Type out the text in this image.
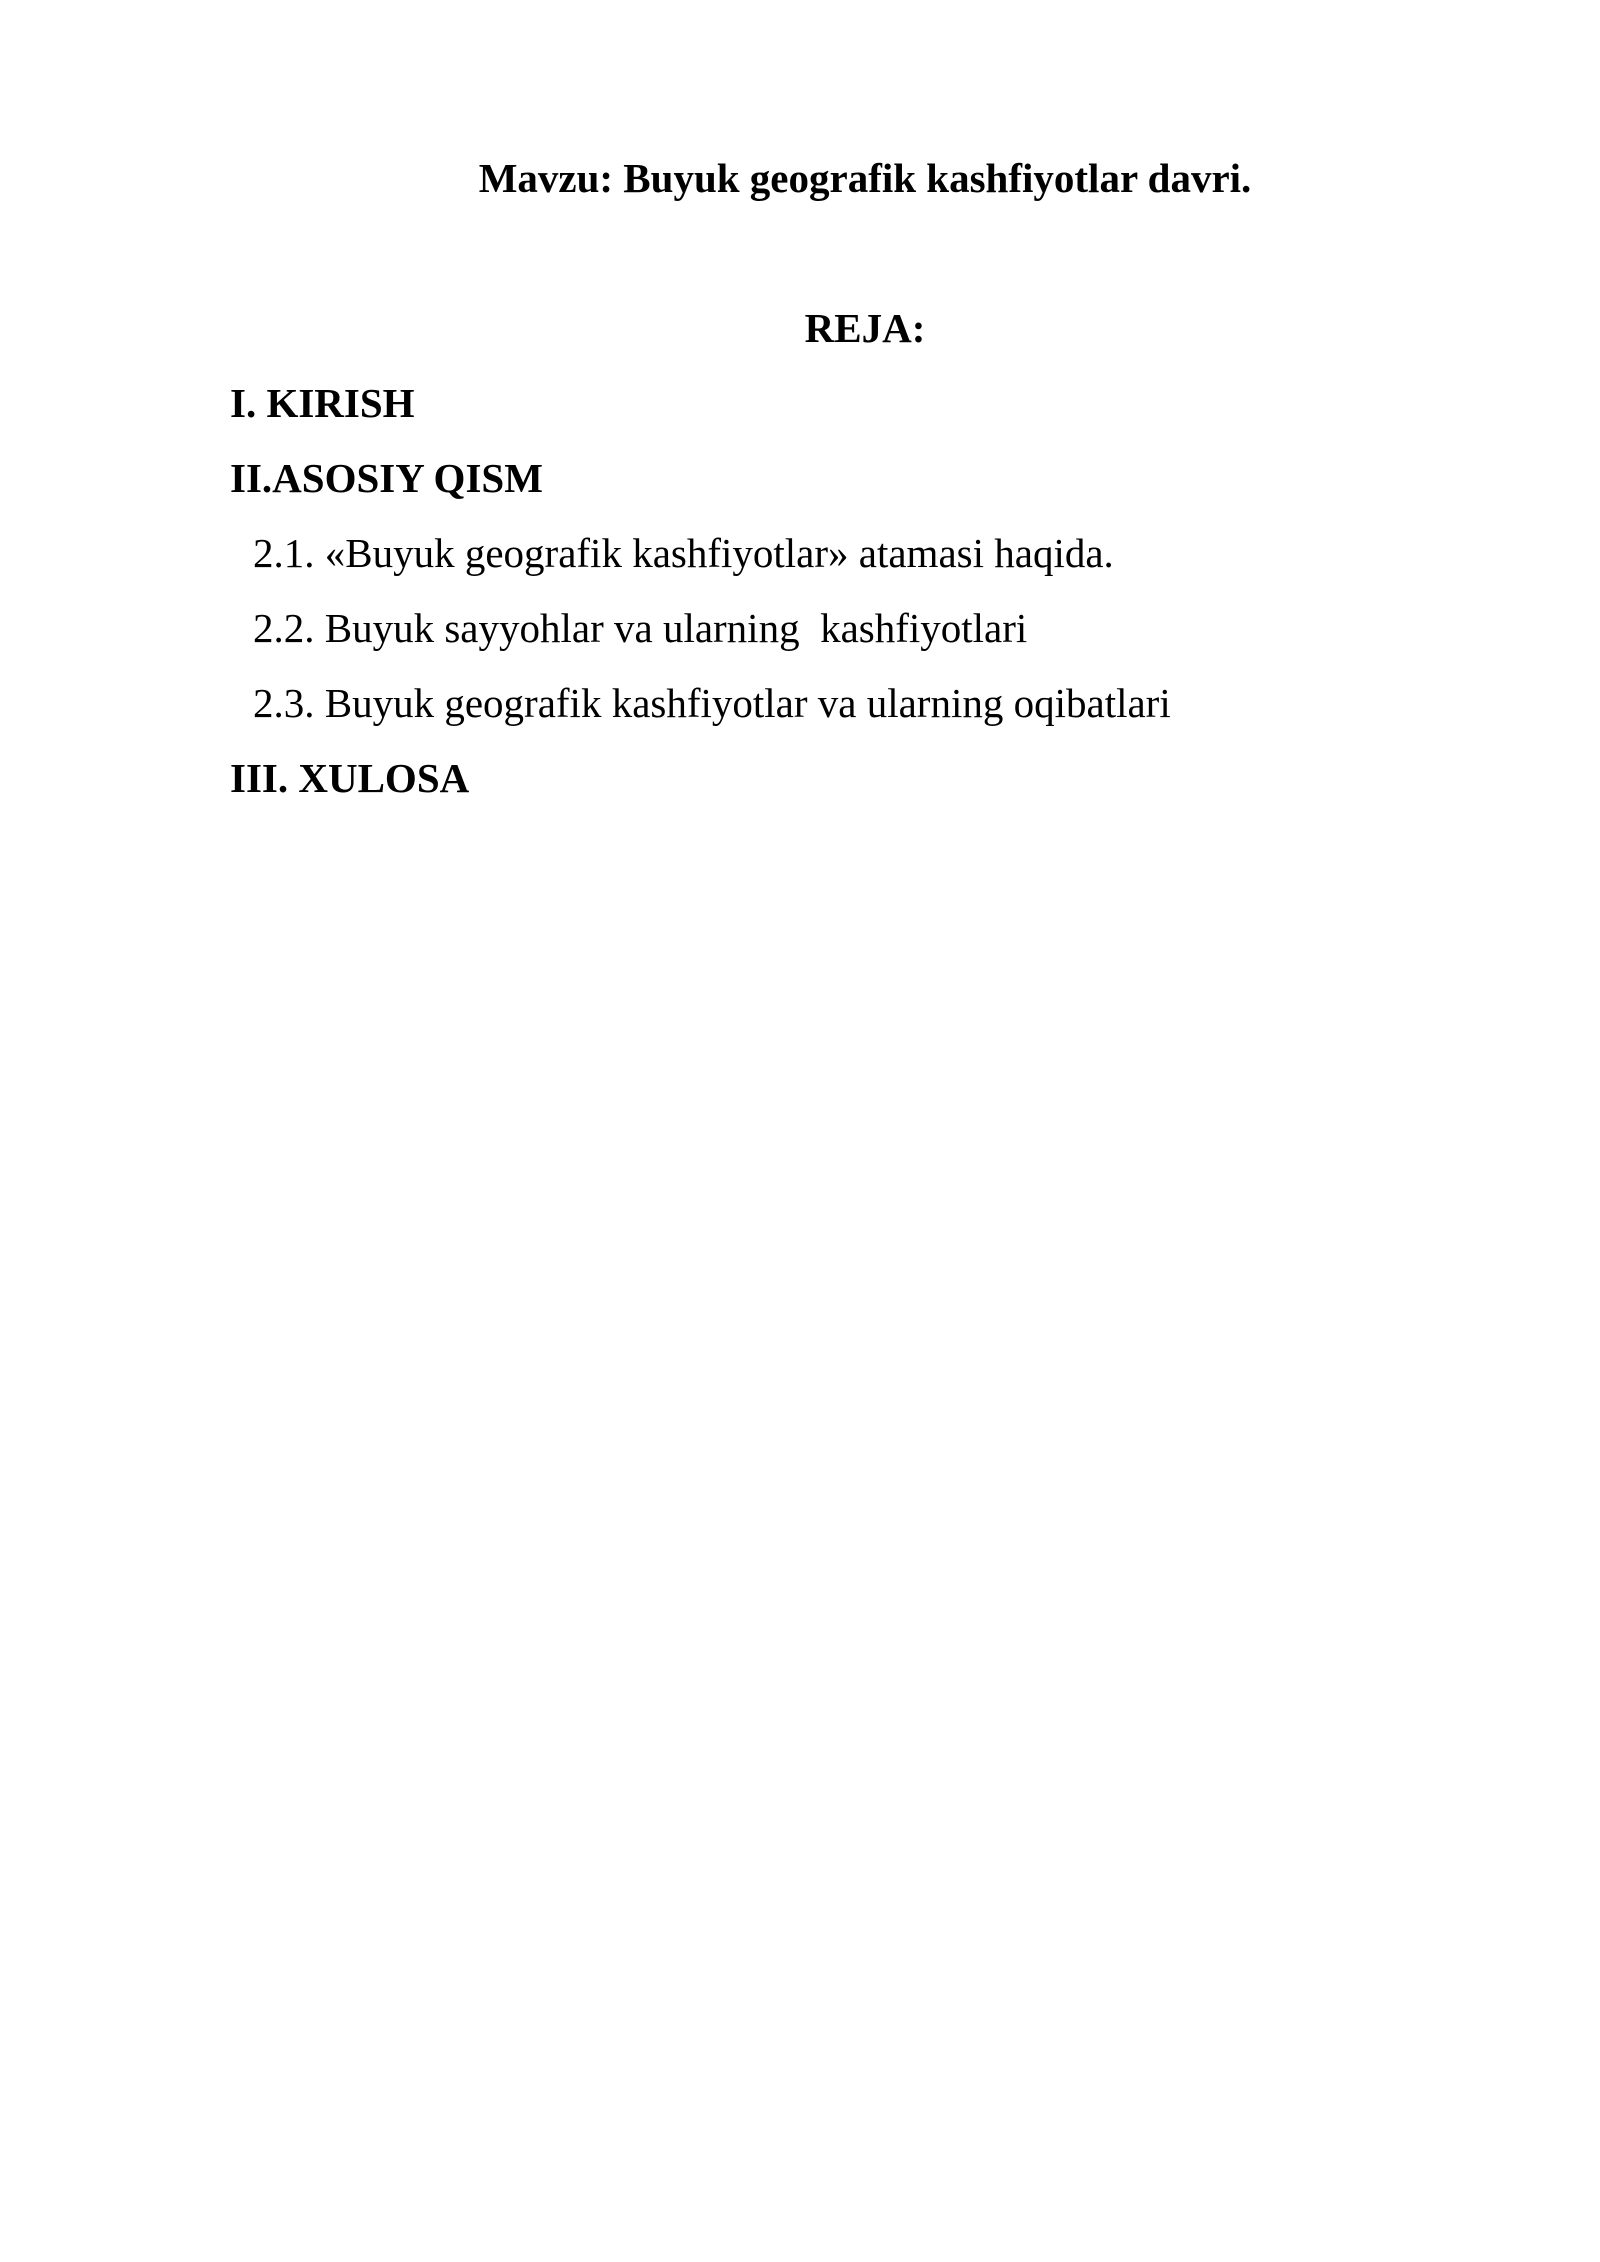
Mavzu: Buyuk geografik kashfiyotlar davri.
REJA:
I. KIRISH
II.ASOSIY QISM
2.1. «Buyuk geografik kashfiyotlar» atamasi haqida.
2.2. Buyuk sayyohlar va ularning  kashfiyotlari
2.3. Buyuk geografik kashfiyotlar va ularning oqibatlari
III. XULOSA
